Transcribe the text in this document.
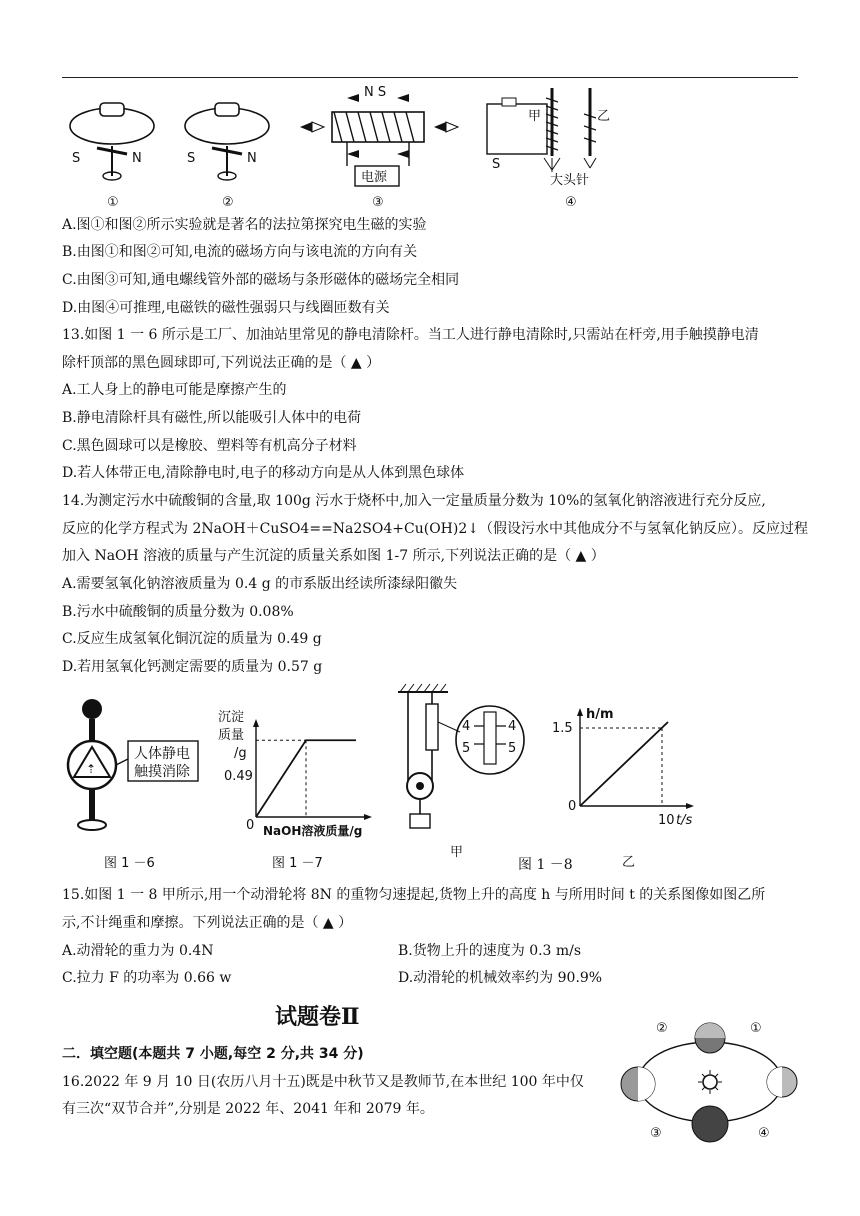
S	N
①
S	N
②
N S
电源
③
甲	乙
S
大头针
④
A.图①和图②所示实验就是著名的法拉第探究电生磁的实验
B.由图①和图②可知,电流的磁场方向与该电流的方向有关
C.由图③可知,通电螺线管外部的磁场与条形磁体的磁场完全相同
D.由图④可推理,电磁铁的磁性强弱只与线圈匝数有关
13.如图 1 一 6 所示是工厂、加油站里常见的静电清除杆。当工人进行静电清除时,只需站在杆旁,用手触摸静电清
除杆顶部的黑色圆球即可,下列说法正确的是（ ▲ ）
A.工人身上的静电可能是摩擦产生的
B.静电清除杆具有磁性,所以能吸引人体中的电荷
C.黑色圆球可以是橡胶、塑料等有机高分子材料
D.若人体带正电,清除静电时,电子的移动方向是从人体到黑色球体
14.为测定污水中硫酸铜的含量,取 100g 污水于烧杯中,加入一定量质量分数为 10%的氢氧化钠溶液进行充分反应,
反应的化学方程式为 2NaOH＋CuSO4==Na2SO4+Cu(OH)2↓（假设污水中其他成分不与氢氧化钠反应）。反应过程
加入 NaOH 溶液的质量与产生沉淀的质量关系如图 1-7 所示,下列说法正确的是（ ▲ ）
A.需要氢氧化钠溶液质量为 0.4 g 的市系版出经读所漆绿阳徽失
B.污水中硫酸铜的质量分数为 0.08%
C.反应生成氢氧化铜沉淀的质量为 0.49 g
D.若用氢氧化钙测定需要的质量为 0.57 g
⇡
人体静电
触摸消除
图 1 －6
沉淀
质量
/g
0
0.49
NaOH溶液质量/g
图 1 －7
4
5
4
5
甲
h/m
1.5
0
10 t/s
乙
图 1 －8
15.如图 1 一 8 甲所示,用一个动滑轮将 8N 的重物匀速提起,货物上升的高度 h 与所用时间 t 的关系图像如图乙所
示,不计绳重和摩擦。下列说法正确的是（ ▲ ）
A.动滑轮的重力为 0.4N	B.货物上升的速度为 0.3 m/s
C.拉力 F 的功率为 0.66 w	D.动滑轮的机械效率约为 90.9%
试题卷Ⅱ
二．填空题(本题共 7 小题,每空 2 分,共 34 分)
16.2022 年 9 月 10 日(农历八月十五)既是中秋节又是教师节,在本世纪 100 年中仅
有三次“双节合并”,分别是 2022 年、2041 年和 2079 年。
①
②
③	④
